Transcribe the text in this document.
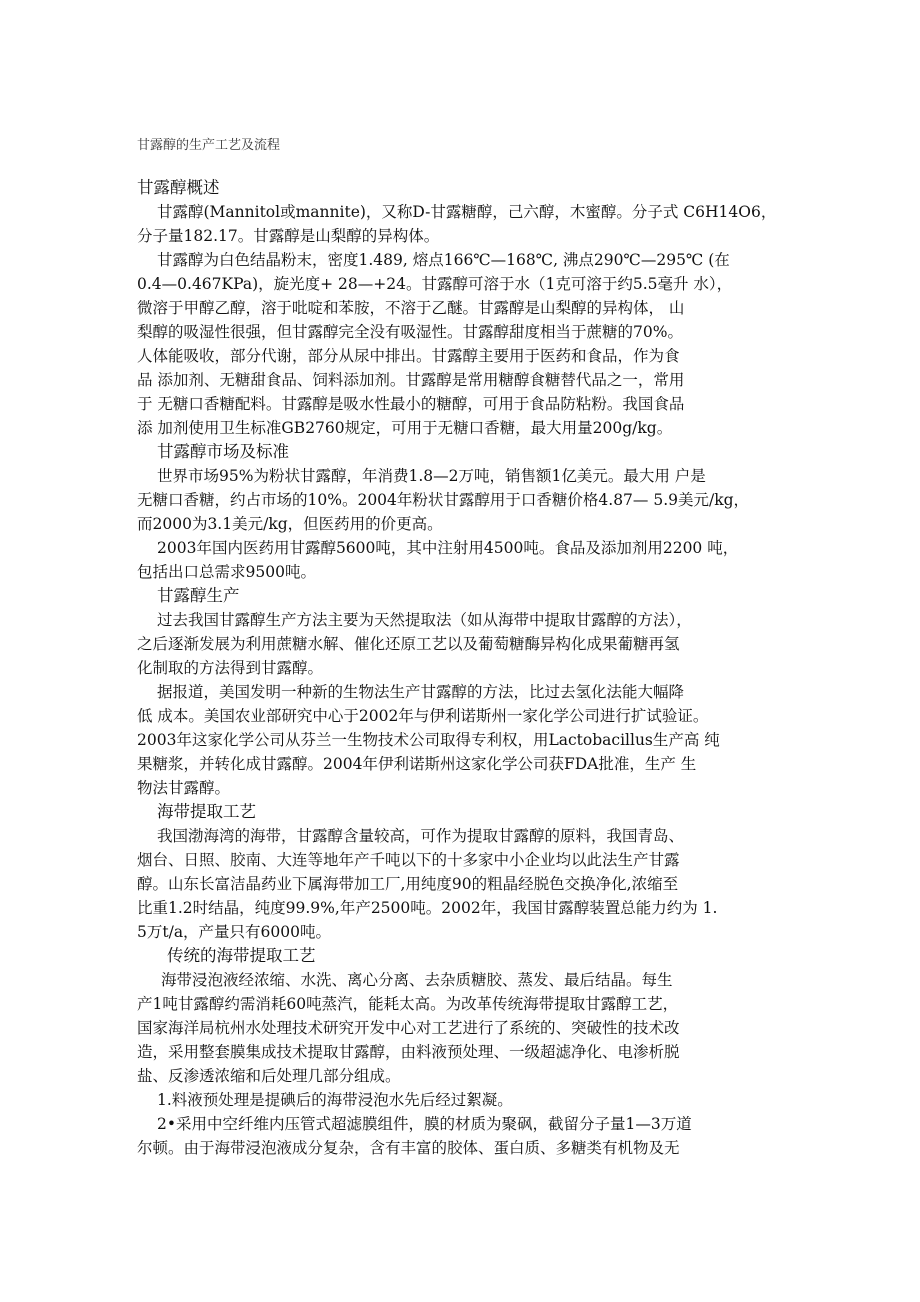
甘露醇的生产工艺及流程
甘露醇概述
甘露醇(Mannitol或mannite)，又称D-甘露糖醇，己六醇，木蜜醇。分子式 C6H14O6，
分子量182.17。甘露醇是山梨醇的异构体。
甘露醇为白色结晶粉末，密度1.489, 熔点166℃—168℃, 沸点290℃—295℃ (在
0.4—0.467KPa)，旋光度+ 28—+24。甘露醇可溶于水（1克可溶于约5.5毫升 水），
微溶于甲醇乙醇，溶于吡啶和苯胺，不溶于乙醚。甘露醇是山梨醇的异构体， 山
梨醇的吸湿性很强，但甘露醇完全没有吸湿性。甘露醇甜度相当于蔗糖的70%。
人体能吸收，部分代谢，部分从尿中排出。甘露醇主要用于医药和食品，作为食
品 添加剂、无糖甜食品、饲料添加剂。甘露醇是常用糖醇食糖替代品之一，常用
于 无糖口香糖配料。甘露醇是吸水性最小的糖醇，可用于食品防粘粉。我国食品
添 加剂使用卫生标准GB2760规定，可用于无糖口香糖，最大用量200g/kg。
甘露醇市场及标准
世界市场95%为粉状甘露醇，年消费1.8—2万吨，销售额1亿美元。最大用 户是
无糖口香糖，约占市场的10%。2004年粉状甘露醇用于口香糖价格4.87— 5.9美元/kg，
而2000为3.1美元/kg，但医药用的价更高。
2003年国内医药用甘露醇5600吨，其中注射用4500吨。食品及添加剂用2200 吨，
包括出口总需求9500吨。
甘露醇生产
过去我国甘露醇生产方法主要为天然提取法（如从海带中提取甘露醇的方法），
之后逐渐发展为利用蔗糖水解、催化还原工艺以及葡萄糖酶异构化成果葡糖再氢
化制取的方法得到甘露醇。
据报道，美国发明一种新的生物法生产甘露醇的方法，比过去氢化法能大幅降
低 成本。美国农业部研究中心于2002年与伊利诺斯州一家化学公司进行扩试验证。
2003年这家化学公司从芬兰一生物技术公司取得专利权，用Lactobacillus生产高 纯
果糖浆，并转化成甘露醇。2004年伊利诺斯州这家化学公司获FDA批准，生产 生
物法甘露醇。
海带提取工艺
我国渤海湾的海带，甘露醇含量较高，可作为提取甘露醇的原料，我国青岛、
烟台、日照、胶南、大连等地年产千吨以下的十多家中小企业均以此法生产甘露
醇。山东长富洁晶药业下属海带加工厂,用纯度90的粗晶经脱色交换净化,浓缩至
比重1.2时结晶，纯度99.9%,年产2500吨。2002年，我国甘露醇装置总能力约为 1.
5万t/a，产量只有6000吨。
传统的海带提取工艺
海带浸泡液经浓缩、水洗、离心分离、去杂质糖胶、蒸发、最后结晶。每生
产1吨甘露醇约需消耗60吨蒸汽，能耗太高。为改革传统海带提取甘露醇工艺，
国家海洋局杭州水处理技术研究开发中心对工艺进行了系统的、突破性的技术改
造，采用整套膜集成技术提取甘露醇，由料液预处理、一级超滤净化、电渗析脱
盐、反渗透浓缩和后处理几部分组成。
1.料液预处理是提碘后的海带浸泡水先后经过絮凝。
2•采用中空纤维内压管式超滤膜组件，膜的材质为聚砜，截留分子量1—3万道
尔顿。由于海带浸泡液成分复杂，含有丰富的胶体、蛋白质、多糖类有机物及无
